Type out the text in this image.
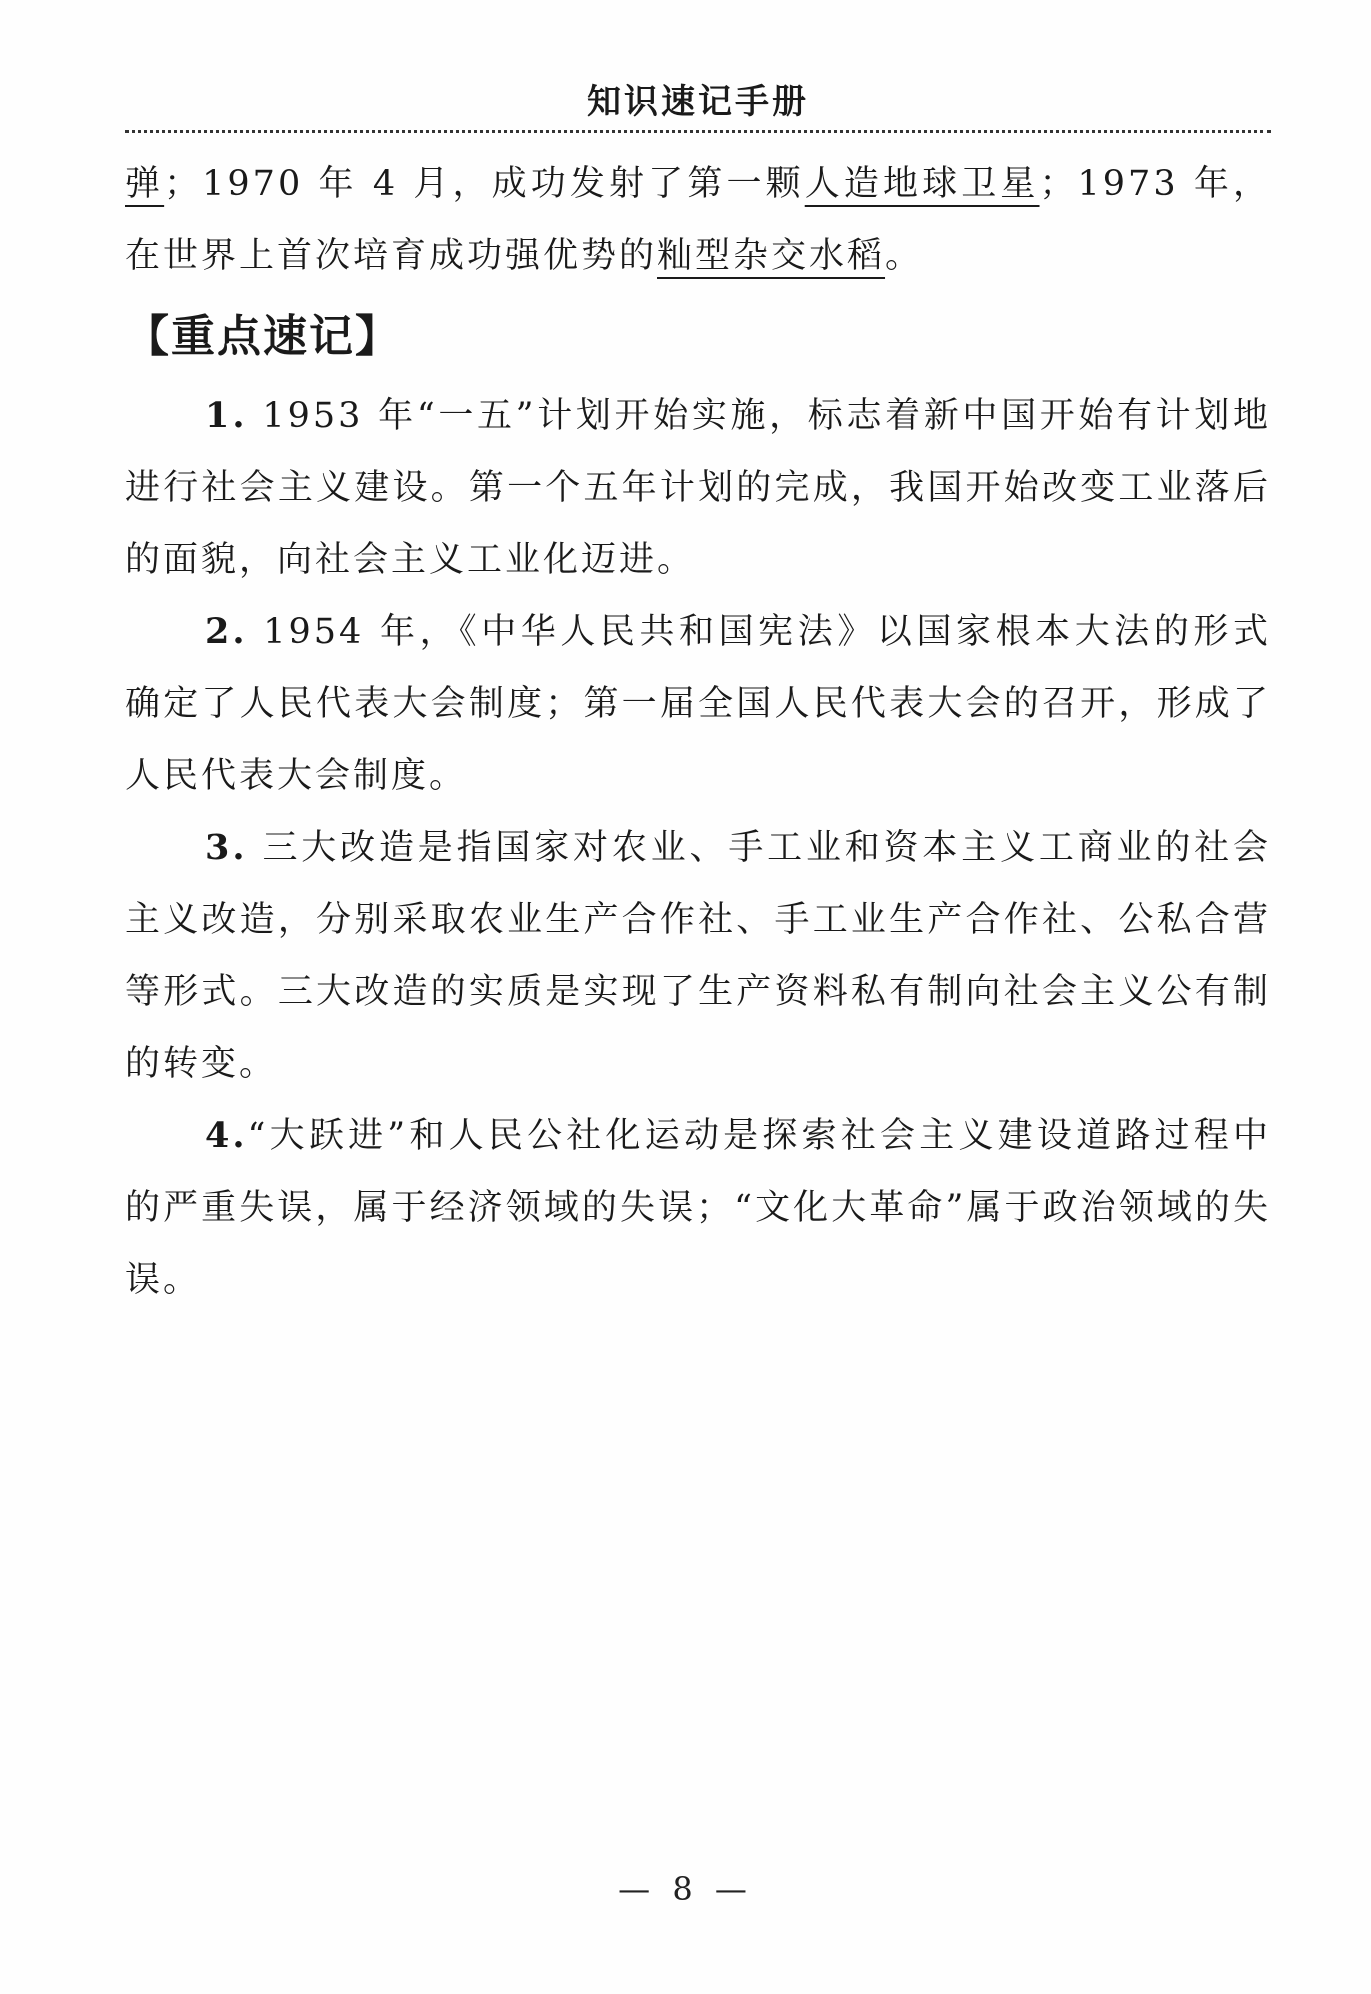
知识速记手册

弹；1970 年 4 月，成功发射了第一颗人造地球卫星；1973 年，在世界上首次培育成功强优势的籼型杂交水稻。

【重点速记】

1. 1953 年“一五”计划开始实施，标志着新中国开始有计划地进行社会主义建设。第一个五年计划的完成，我国开始改变工业落后的面貌，向社会主义工业化迈进。

2. 1954 年，《中华人民共和国宪法》以国家根本大法的形式确定了人民代表大会制度；第一届全国人民代表大会的召开，形成了人民代表大会制度。

3. 三大改造是指国家对农业、手工业和资本主义工商业的社会主义改造，分别采取农业生产合作社、手工业生产合作社、公私合营等形式。三大改造的实质是实现了生产资料私有制向社会主义公有制的转变。

4.“大跃进”和人民公社化运动是探索社会主义建设道路过程中的严重失误，属于经济领域的失误；“文化大革命”属于政治领域的失误。

— 8 —
